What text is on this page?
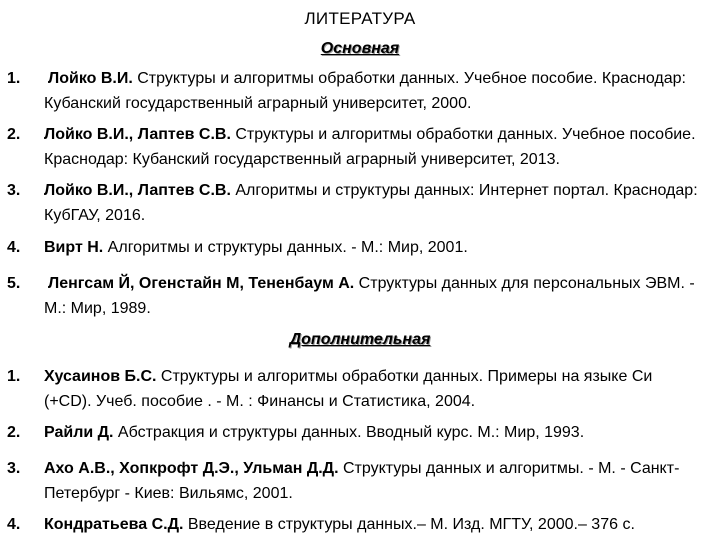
ЛИТЕРАТУРА
Основная
1. Лойко В.И. Структуры и алгоритмы обработки данных. Учебное пособие. Краснодар: Кубанский государственный аграрный университет, 2000.
2. Лойко В.И., Лаптев С.В. Структуры и алгоритмы обработки данных. Учебное пособие. Краснодар: Кубанский государственный аграрный университет, 2013.
3. Лойко В.И., Лаптев С.В. Алгоритмы и структуры данных: Интернет портал. Краснодар: КубГАУ, 2016.
4. Вирт Н. Алгоритмы и структуры данных. - М.: Мир, 2001.
5. Ленгсам Й, Огенстайн М, Тененбаум А. Структуры данных для персональных ЭВМ. - М.: Мир, 1989.
Дополнительная
1. Хусаинов Б.С. Структуры и алгоритмы обработки данных. Примеры на языке Си (+CD). Учеб. пособие . - М. : Финансы и Статистика, 2004.
2. Райли Д. Абстракция и структуры данных. Вводный курс. М.: Мир, 1993.
3. Ахо А.В., Хопкрофт Д.Э., Ульман Д.Д. Структуры данных и алгоритмы. - М. - Санкт-Петербург - Киев: Вильямс, 2001.
4. Кондратьева С.Д. Введение в структуры данных.– М. Изд. МГТУ, 2000.– 376 с.
